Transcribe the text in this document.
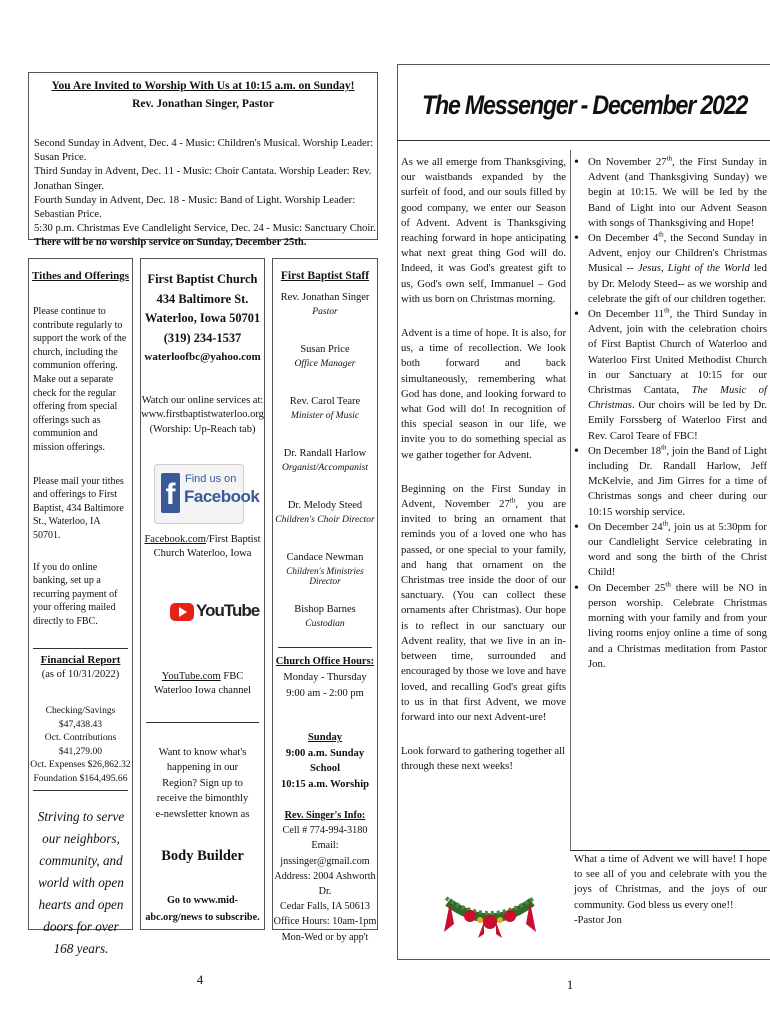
You Are Invited to Worship With Us at 10:15 a.m. on Sunday!
Rev. Jonathan Singer, Pastor

Second Sunday in Advent, Dec. 4 - Music: Children's Musical. Worship Leader: Susan Price.

Third Sunday in Advent, Dec. 11 - Music: Choir Cantata. Worship Leader: Rev. Jonathan Singer.

Fourth Sunday in Advent, Dec. 18 - Music: Band of Light. Worship Leader: Sebastian Price.

5:30 p.m. Christmas Eve Candlelight Service, Dec. 24 - Music: Sanctuary Choir.

There will be no worship service on Sunday, December 25th.

Tithes and Offerings

Please continue to contribute regularly to support the work of the church, including the communion offering. Make out a separate check for the regular offering from special offerings such as communion and mission offerings.

Please mail your tithes and offerings to First Baptist, 434 Baltimore St., Waterloo, IA 50701.

If you do online banking, set up a recurring payment of your offering mailed directly to FBC.

Financial Report
(as of 10/31/2022)

Checking/Savings $47,438.43

Oct. Contributions $41,279.00

Oct. Expenses $26,862.32

Foundation $164,495.66

Striving to serve our neighbors, community, and world with open hearts and open doors for over 168 years.

First Baptist Church

434 Baltimore St.

Waterloo, Iowa 50701

(319) 234-1537

waterloofbc@yahoo.com

Watch our online services at:

www.firstbaptistwaterloo.org

(Worship: Up-Reach tab)

f Find us on
Facebook
Facebook.com/First Baptist Church Waterloo, Iowa
YouTube
YouTube.com FBC Waterloo Iowa channel
Want to know what's happening in our Region? Sign up to receive the bimonthly e-newsletter known as
Body Builder
Go to www.mid-abc.org/news to subscribe.
First Baptist Staff

Rev. Jonathan Singer

Pastor

Susan Price

Office Manager

Rev. Carol Teare

Minister of Music

Dr. Randall Harlow

Organist/Accompanist

Dr. Melody Steed

Children's Choir Director

Candace Newman

Children's Ministries Director

Bishop Barnes

Custodian

Church Office Hours:

Monday - Thursday

9:00 am - 2:00 pm

Sunday

9:00 a.m. Sunday School

10:15 a.m. Worship

Rev. Singer's Info:

Cell # 774-994-3180

Email: jnssinger@gmail.com

Address: 2004 Ashworth Dr.

Cedar Falls, IA 50613

Office Hours: 10am-1pm

Mon-Wed or by app't

4
The Messenger - December 2022

As we all emerge from Thanksgiving, our waistbands expanded by the surfeit of food, and our souls filled by good company, we enter our Season of Advent. Advent is Thanksgiving reaching forward in hope anticipating what next great thing God will do. Indeed, it was God's greatest gift to us, God's own self, Immanuel – God with us born on Christmas morning.

Advent is a time of hope. It is also, for us, a time of recollection. We look both forward and back simultaneously, remembering what God has done, and looking forward to what God will do! In recognition of this special season in our life, we invite you to do something special as we gather together for Advent.

Beginning on the First Sunday in Advent, November 27th, you are invited to bring an ornament that reminds you of a loved one who has passed, or one special to your family, and hang that ornament on the Christmas tree inside the door of our sanctuary. (You can collect these ornaments after Christmas). Our hope is to reflect in our sanctuary our Advent reality, that we live in an in-between time, surrounded and encouraged by those we love and have loved, and recalling God's great gifts to us in that first Advent, we move forward into our next Advent-ure!

Look forward to gathering together all through these next weeks!

• On November 27th, the First Sunday in Advent (and Thanksgiving Sunday) we begin at 10:15. We will be led by the Band of Light into our Advent Season with songs of Thanksgiving and Hope!
• On December 4th, the Second Sunday in Advent, enjoy our Children's Christmas Musical -- Jesus, Light of the World led by Dr. Melody Steed-- as we worship and celebrate the gift of our children together.
• On December 11th, the Third Sunday in Advent, join with the celebration choirs of First Baptist Church of Waterloo and Waterloo First United Methodist Church in our Sanctuary at 10:15 for our Christmas Cantata, The Music of Christmas. Our choirs will be led by Dr. Emily Forssberg of Waterloo First and Rev. Carol Teare of FBC!
• On December 18th, join the Band of Light including Dr. Randall Harlow, Jeff McKelvie, and Jim Girres for a time of Christmas songs and cheer during our 10:15 worship service.
• On December 24th, join us at 5:30pm for our Candlelight Service celebrating in word and song the birth of the Christ Child!
• On December 25th there will be NO in person worship. Celebrate Christmas morning with your family and from your living rooms enjoy online a time of song and a Christmas meditation from Pastor Jon.

What a time of Advent we will have! I hope to see all of you and celebrate with you the joys of Christmas, and the joys of our community. God bless us every one!!

-Pastor Jon

1
